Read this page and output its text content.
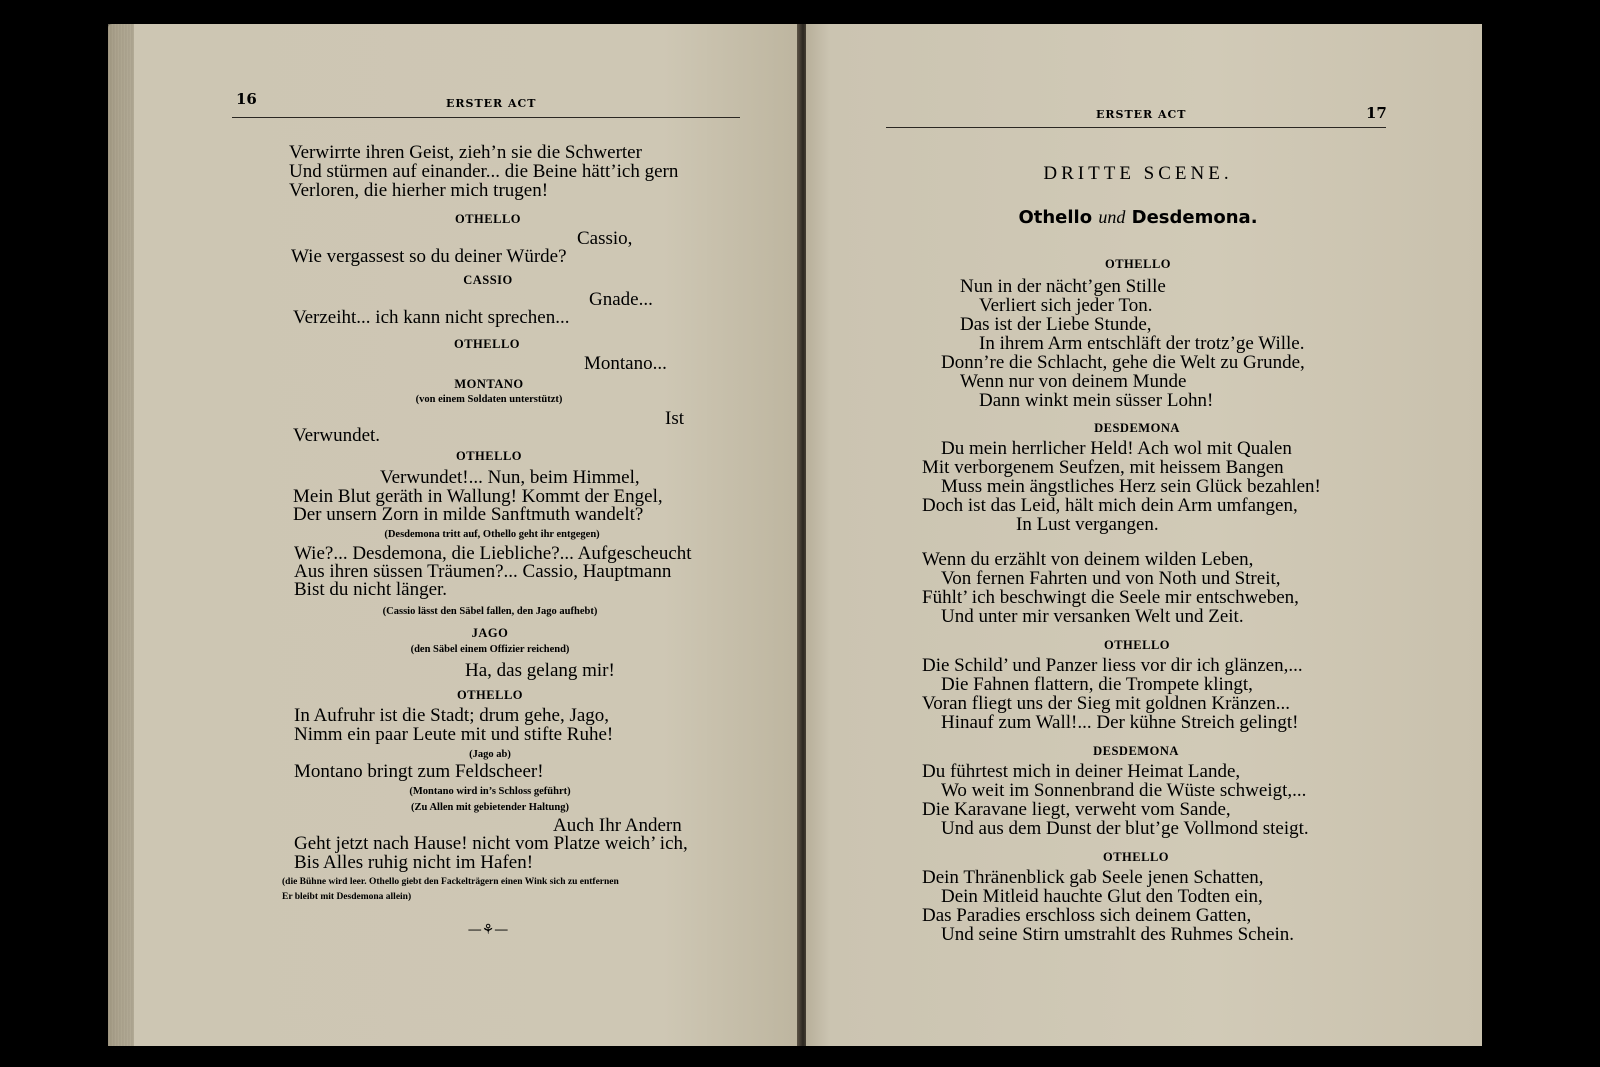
16	ERSTER ACT
Verwirrte ihren Geist, zieh’n sie die Schwerter
Und stürmen auf einander... die Beine hätt’ich gern
Verloren, die hierher mich trugen!
OTHELLO
Cassio,
Wie vergassest so du deiner Würde?
CASSIO
Gnade...
Verzeiht... ich kann nicht sprechen...
OTHELLO
Montano...
MONTANO
(von einem Soldaten unterstützt)
Ist
Verwundet.
OTHELLO
Verwundet!... Nun, beim Himmel,
Mein Blut geräth in Wallung! Kommt der Engel,
Der unsern Zorn in milde Sanftmuth wandelt?
(Desdemona tritt auf, Othello geht ihr entgegen)
Wie?... Desdemona, die Liebliche?... Aufgescheucht
Aus ihren süssen Träumen?... Cassio, Hauptmann
Bist du nicht länger.
(Cassio lässt den Säbel fallen, den Jago aufhebt)
JAGO
(den Säbel einem Offizier reichend)
Ha, das gelang mir!
OTHELLO
In Aufruhr ist die Stadt; drum gehe, Jago,
Nimm ein paar Leute mit und stifte Ruhe!
(Jago ab)
Montano bringt zum Feldscheer!
(Montano wird in’s Schloss geführt)
(Zu Allen mit gebietender Haltung)
Auch Ihr Andern
Geht jetzt nach Hause! nicht vom Platze weich’ ich,
Bis Alles ruhig nicht im Hafen!
(die Bühne wird leer. Othello giebt den Fackelträgern einen Wink sich zu entfernen
Er bleibt mit Desdemona allein)
—⚘—
ERSTER ACT	17
DRITTE SCENE.
Othello und Desdemona.
OTHELLO
Nun in der nächt’gen Stille
Verliert sich jeder Ton.
Das ist der Liebe Stunde,
In ihrem Arm entschläft der trotz’ge Wille.
Donn’re die Schlacht, gehe die Welt zu Grunde,
Wenn nur von deinem Munde
Dann winkt mein süsser Lohn!
DESDEMONA
Du mein herrlicher Held! Ach wol mit Qualen
Mit verborgenem Seufzen, mit heissem Bangen
Muss mein ängstliches Herz sein Glück bezahlen!
Doch ist das Leid, hält mich dein Arm umfangen,
In Lust vergangen.
Wenn du erzählt von deinem wilden Leben,
Von fernen Fahrten und von Noth und Streit,
Fühlt’ ich beschwingt die Seele mir entschweben,
Und unter mir versanken Welt und Zeit.
OTHELLO
Die Schild’ und Panzer liess vor dir ich glänzen,...
Die Fahnen flattern, die Trompete klingt,
Voran fliegt uns der Sieg mit goldnen Kränzen...
Hinauf zum Wall!... Der kühne Streich gelingt!
DESDEMONA
Du führtest mich in deiner Heimat Lande,
Wo weit im Sonnenbrand die Wüste schweigt,...
Die Karavane liegt, verweht vom Sande,
Und aus dem Dunst der blut’ge Vollmond steigt.
OTHELLO
Dein Thränenblick gab Seele jenen Schatten,
Dein Mitleid hauchte Glut den Todten ein,
Das Paradies erschloss sich deinem Gatten,
Und seine Stirn umstrahlt des Ruhmes Schein.
